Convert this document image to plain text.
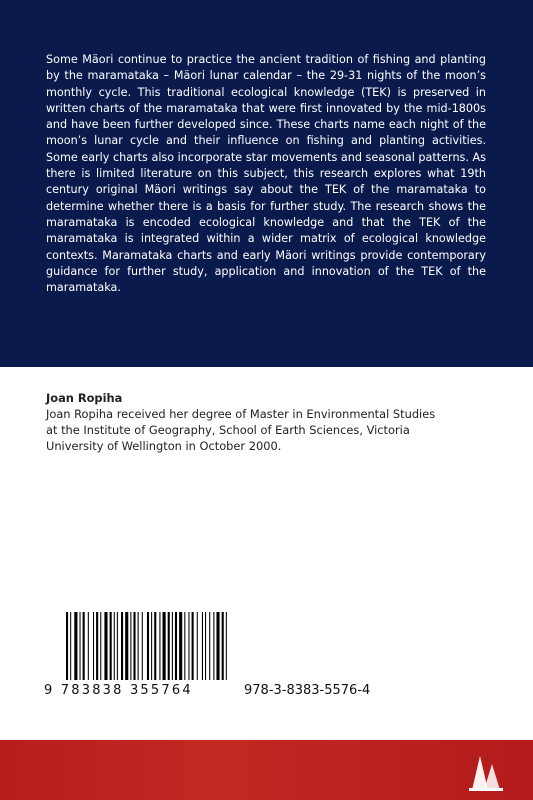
Some Mäori continue to practice the ancient tradition of fishing and planting by the maramataka – Mäori lunar calendar – the 29-31 nights of the moon’s monthly cycle. This traditional ecological knowledge (TEK) is preserved in written charts of the maramataka that were first innovated by the mid-1800s and have been further developed since. These charts name each night of the moon’s lunar cycle and their influence on fishing and planting activities. Some early charts also incorporate star movements and seasonal patterns. As there is limited literature on this subject, this research explores what 19th century original Mäori writings say about the TEK of the maramataka to determine whether there is a basis for further study. The research shows the maramataka is encoded ecological knowledge and that the TEK of the maramataka is integrated within a wider matrix of ecological knowledge contexts. Maramataka charts and early Mäori writings provide contemporary guidance for further study, application and innovation of the TEK of the maramataka.

Joan Ropiha

Joan Ropiha received her degree of Master in Environmental Studies at the Institute of Geography, School of Earth Sciences, Victoria University of Wellington in October 2000.

9 783838 355764	978-3-8383-5576-4
